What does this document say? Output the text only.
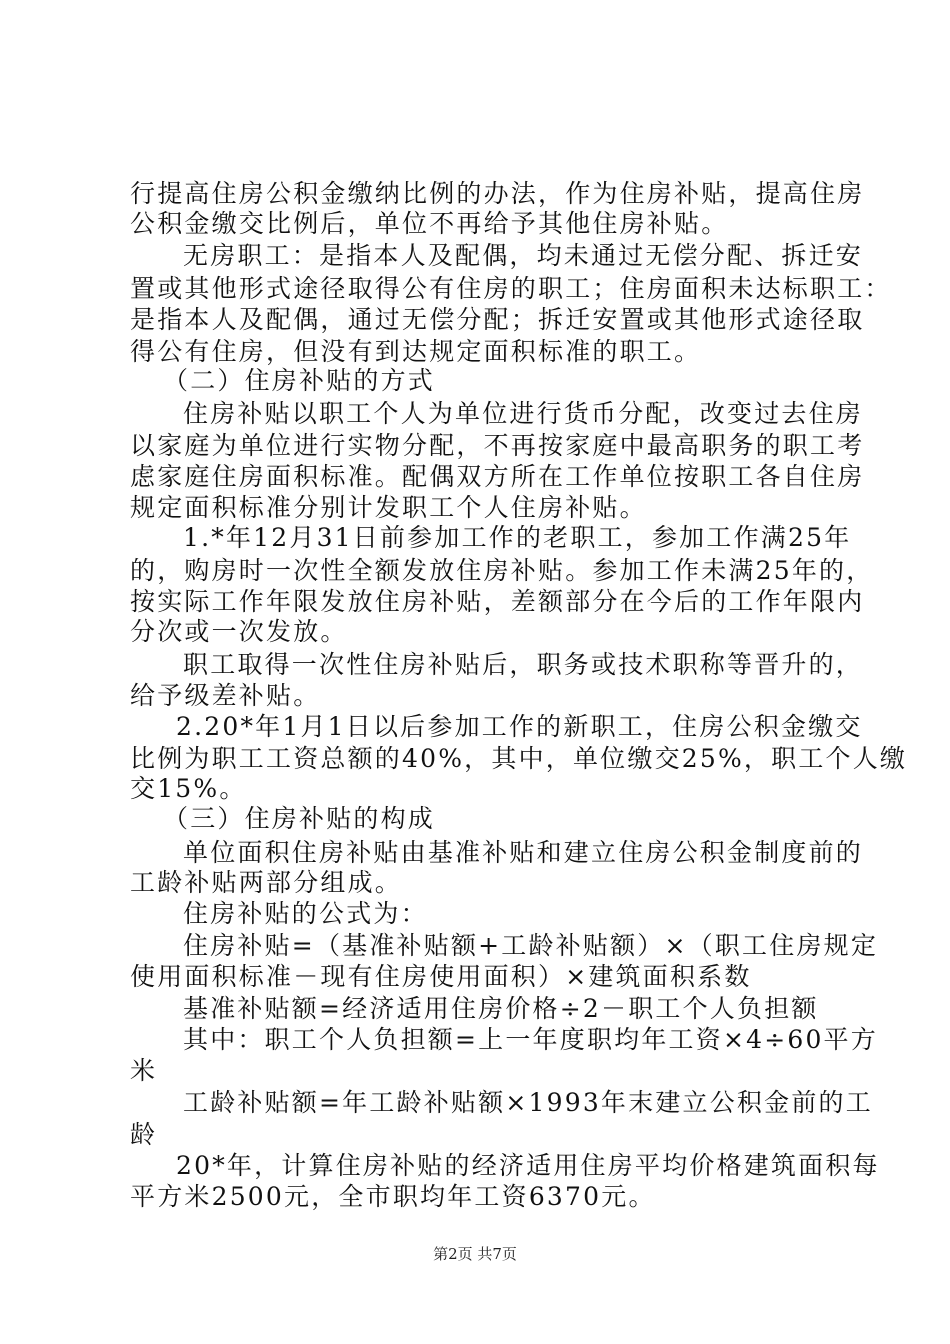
行提高住房公积金缴纳比例的办法，作为住房补贴，提高住房
公积金缴交比例后，单位不再给予其他住房补贴。
无房职工：是指本人及配偶，均未通过无偿分配、拆迁安
置或其他形式途径取得公有住房的职工；住房面积未达标职工：
是指本人及配偶，通过无偿分配；拆迁安置或其他形式途径取
得公有住房，但没有到达规定面积标准的职工。
（二）住房补贴的方式
住房补贴以职工个人为单位进行货币分配，改变过去住房
以家庭为单位进行实物分配，不再按家庭中最高职务的职工考
虑家庭住房面积标准。配偶双方所在工作单位按职工各自住房
规定面积标准分别计发职工个人住房补贴。
1.*年12月31日前参加工作的老职工，参加工作满25年
的，购房时一次性全额发放住房补贴。参加工作未满25年的，
按实际工作年限发放住房补贴，差额部分在今后的工作年限内
分次或一次发放。
职工取得一次性住房补贴后，职务或技术职称等晋升的，
给予级差补贴。
2.20*年1月1日以后参加工作的新职工，住房公积金缴交
比例为职工工资总额的40%，其中，单位缴交25%，职工个人缴
交15%。
（三）住房补贴的构成
单位面积住房补贴由基准补贴和建立住房公积金制度前的
工龄补贴两部分组成。
住房补贴的公式为：
住房补贴=（基准补贴额+工龄补贴额）×（职工住房规定
使用面积标准－现有住房使用面积）×建筑面积系数
基准补贴额=经济适用住房价格÷2－职工个人负担额
其中：职工个人负担额=上一年度职均年工资×4÷60平方
米
工龄补贴额=年工龄补贴额×1993年末建立公积金前的工
龄
20*年，计算住房补贴的经济适用住房平均价格建筑面积每
平方米2500元，全市职均年工资6370元。
第2页 共7页
